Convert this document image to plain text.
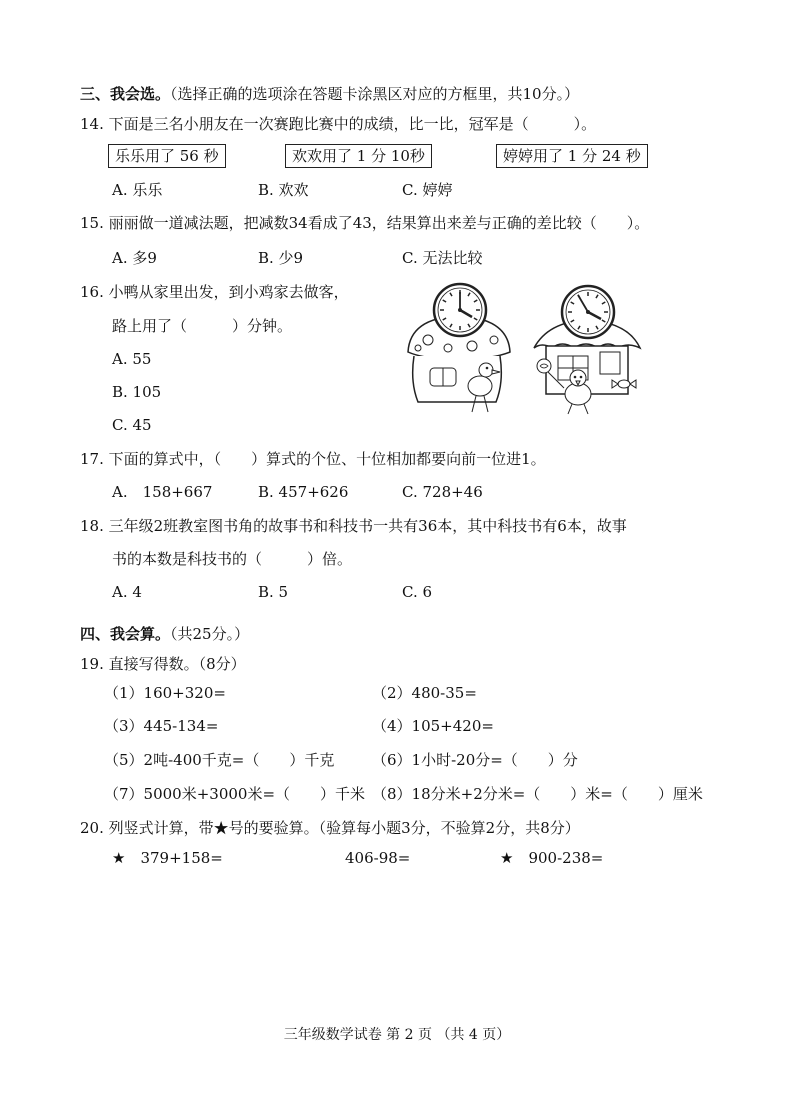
三、我会选。（选择正确的选项涂在答题卡涂黑区对应的方框里，共10分。）
14. 下面是三名小朋友在一次赛跑比赛中的成绩，比一比，冠军是（　　　）。
乐乐用了 56 秒	欢欢用了 1 分 10秒	婷婷用了 1 分 24 秒
A. 乐乐	B. 欢欢	C. 婷婷
15. 丽丽做一道减法题，把减数34看成了43，结果算出来差与正确的差比较（　　）。
A. 多9	B. 少9	C. 无法比较
16. 小鸭从家里出发，到小鸡家去做客，
路上用了（　　　）分钟。
A. 55
B. 105
C. 45
17. 下面的算式中，（　　）算式的个位、十位相加都要向前一位进1。
A.　158+667	B. 457+626	C. 728+46
18. 三年级2班教室图书角的故事书和科技书一共有36本，其中科技书有6本，故事
书的本数是科技书的（　　　）倍。
A. 4	B. 5	C. 6
四、我会算。（共25分。）
19. 直接写得数。（8分）
（1）160+320=	（2）480-35=
（3）445-134=	（4）105+420=
（5）2吨-400千克=（　　）千克	（6）1小时-20分=（　　）分
（7）5000米+3000米=（　　）千米 （8）18分米+2分米=（　　）米=（　　）厘米
20. 列竖式计算，带★号的要验算。（验算每小题3分，不验算2分，共8分）
★　379+158=	406-98=	★　900-238=
三年级数学试卷 第 2 页 （共 4 页）
